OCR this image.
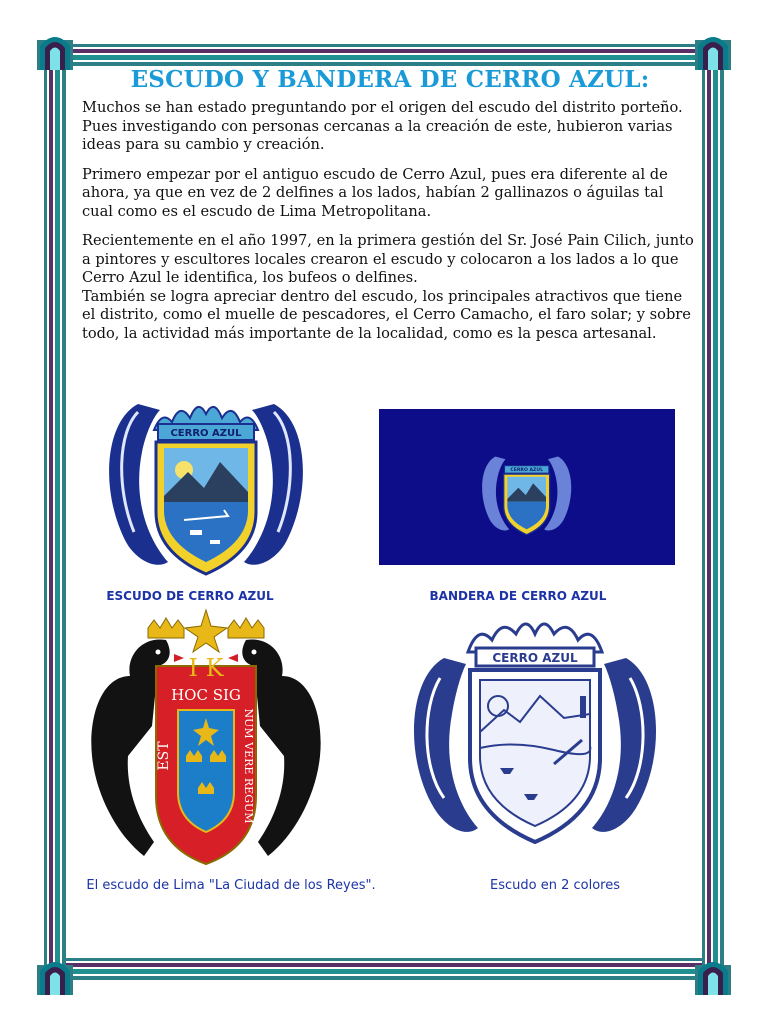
ESCUDO Y BANDERA DE CERRO AZUL:

Muchos se han estado preguntando por el origen del escudo del distrito porteño. Pues investigando con personas cercanas a la creación de este, hubieron varias ideas para su cambio y creación.

Primero empezar por el antiguo escudo de Cerro Azul, pues era diferente al de ahora, ya que en vez de 2 delfines a los lados, habían 2 gallinazos o águilas tal cual como es el escudo de Lima Metropolitana.

Recientemente en el año 1997, en la primera gestión del Sr. José Pain Cilich, junto a pintores y escultores locales crearon el escudo y colocaron a los lados a lo que Cerro Azul le identifica, los bufeos o delfines.

También se logra apreciar dentro del escudo, los principales atractivos que tiene el distrito, como el muelle de pescadores, el Cerro Camacho, el faro solar; y sobre todo, la actividad más importante de la localidad, como es la pesca artesanal.

CERRO AZUL
ESCUDO DE CERRO AZUL
CERRO AZUL
BANDERA DE CERRO AZUL
I K
HOC SIG
EST	NUM VERE REGUM
El escudo de Lima "La Ciudad de los Reyes".
CERRO AZUL
Escudo en 2 colores
